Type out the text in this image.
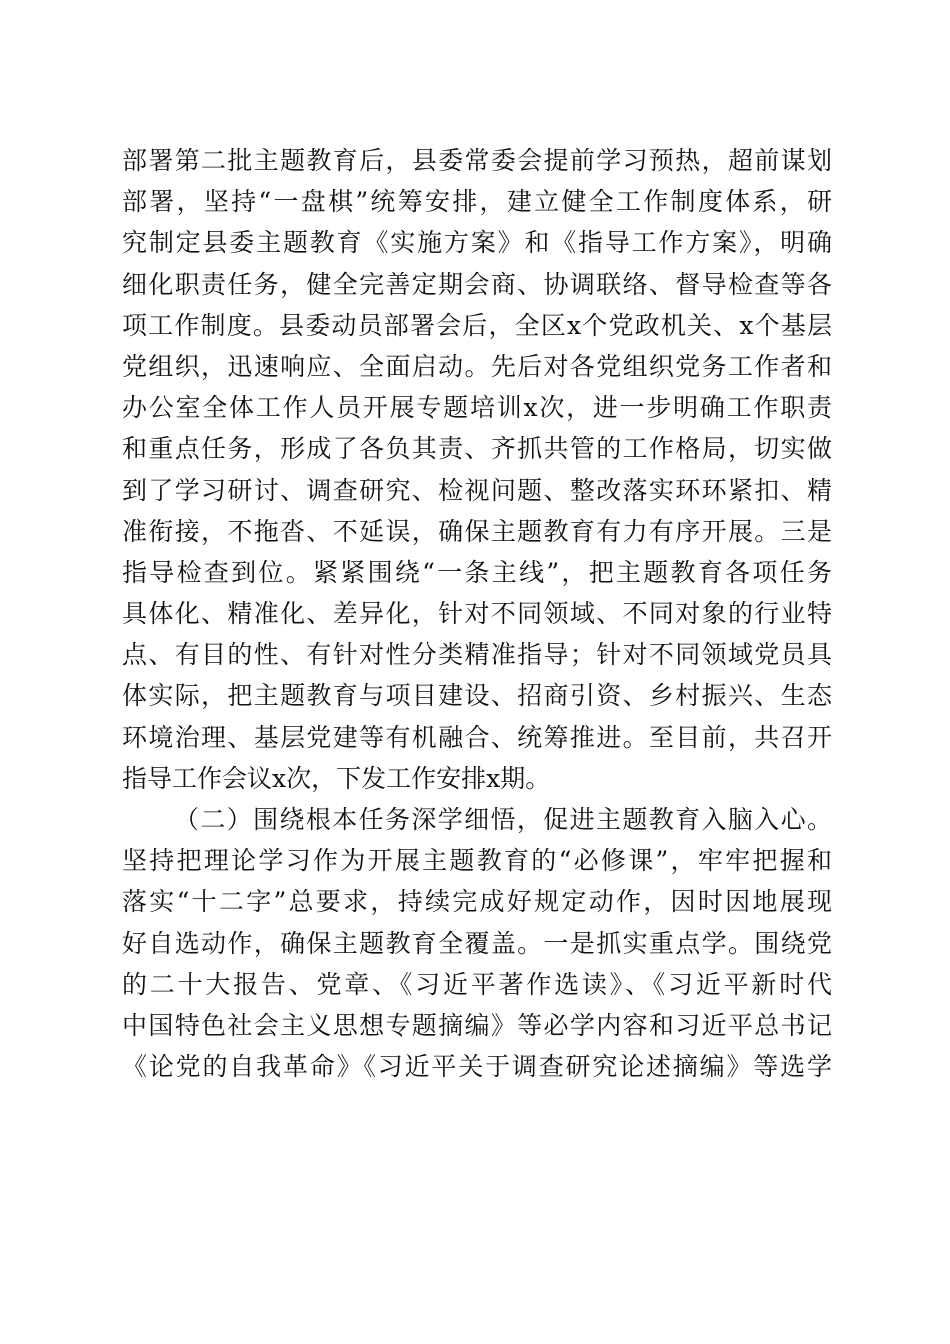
部署第二批主题教育后，县委常委会提前学习预热，超前谋划
部署，坚持“一盘棋”统筹安排，建立健全工作制度体系，研
究制定县委主题教育《实施方案》和《指导工作方案》，明确
细化职责任务，健全完善定期会商、协调联络、督导检查等各
项工作制度。县委动员部署会后，全区x个党政机关、x个基层
党组织，迅速响应、全面启动。先后对各党组织党务工作者和
办公室全体工作人员开展专题培训x次，进一步明确工作职责
和重点任务，形成了各负其责、齐抓共管的工作格局，切实做
到了学习研讨、调查研究、检视问题、整改落实环环紧扣、精
准衔接，不拖沓、不延误，确保主题教育有力有序开展。三是
指导检查到位。紧紧围绕“一条主线”，把主题教育各项任务
具体化、精准化、差异化，针对不同领域、不同对象的行业特
点、有目的性、有针对性分类精准指导；针对不同领域党员具
体实际，把主题教育与项目建设、招商引资、乡村振兴、生态
环境治理、基层党建等有机融合、统筹推进。至目前，共召开
指导工作会议x次，下发工作安排x期。
（二）围绕根本任务深学细悟，促进主题教育入脑入心。
坚持把理论学习作为开展主题教育的“必修课”，牢牢把握和
落实“十二字”总要求，持续完成好规定动作，因时因地展现
好自选动作，确保主题教育全覆盖。一是抓实重点学。围绕党
的二十大报告、党章、《习近平著作选读》、《习近平新时代
中国特色社会主义思想专题摘编》等必学内容和习近平总书记
《论党的自我革命》《习近平关于调查研究论述摘编》等选学
